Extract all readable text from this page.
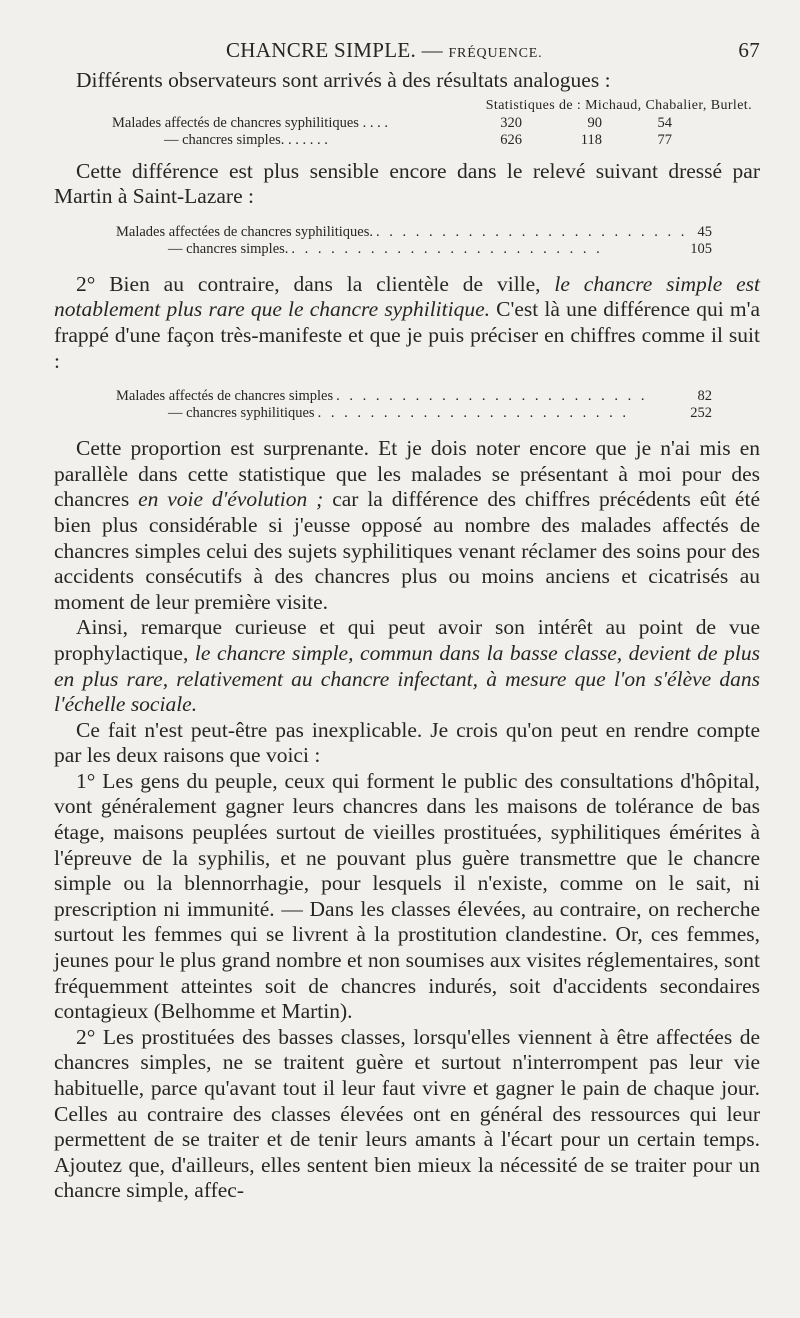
CHANCRE SIMPLE. — FRÉQUENCE.	67

Différents observateurs sont arrivés à des résultats analogues :

Statistiques de : Michaud, Chabalier, Burlet.
Malades affectés de chancres syphilitiques . . . .	320	90	54
— chancres simples. . . . . . .	626	118	77

Cette différence est plus sensible encore dans le relevé suivant dressé par Martin à Saint-Lazare :

Malades affectées de chancres syphilitiques. . . . . . . . . . . . . . . . . . . . . . . . . 45
— chancres simples. . . . . . . . . . . . . . . . . . . . . . . . .	105

2° Bien au contraire, dans la clientèle de ville, le chancre simple est notablement plus rare que le chancre syphilitique. C'est là une différence qui m'a frappé d'une façon très-manifeste et que je puis préciser en chiffres comme il suit :

Malades affectés de chancres simples . . . . . . . . . . . . . . . . . . . . . . . .	82
— chancres syphilitiques . . . . . . . . . . . . . . . . . . . . . . . .	252

Cette proportion est surprenante. Et je dois noter encore que je n'ai mis en parallèle dans cette statistique que les malades se présentant à moi pour des chancres en voie d'évolution ; car la différence des chiffres précédents eût été bien plus considérable si j'eusse opposé au nombre des malades affectés de chancres simples celui des sujets syphilitiques venant réclamer des soins pour des accidents consécutifs à des chancres plus ou moins anciens et cicatrisés au moment de leur première visite.

Ainsi, remarque curieuse et qui peut avoir son intérêt au point de vue prophylactique, le chancre simple, commun dans la basse classe, devient de plus en plus rare, relativement au chancre infectant, à mesure que l'on s'élève dans l'échelle sociale.

Ce fait n'est peut-être pas inexplicable. Je crois qu'on peut en rendre compte par les deux raisons que voici :

1° Les gens du peuple, ceux qui forment le public des consultations d'hôpital, vont généralement gagner leurs chancres dans les maisons de tolérance de bas étage, maisons peuplées surtout de vieilles prostituées, syphilitiques émérites à l'épreuve de la syphilis, et ne pouvant plus guère transmettre que le chancre simple ou la blennorrhagie, pour lesquels il n'existe, comme on le sait, ni prescription ni immunité. — Dans les classes élevées, au contraire, on recherche surtout les femmes qui se livrent à la prostitution clandestine. Or, ces femmes, jeunes pour le plus grand nombre et non soumises aux visites réglementaires, sont fréquemment atteintes soit de chancres indurés, soit d'accidents secondaires contagieux (Belhomme et Martin).

2° Les prostituées des basses classes, lorsqu'elles viennent à être affectées de chancres simples, ne se traitent guère et surtout n'interrompent pas leur vie habituelle, parce qu'avant tout il leur faut vivre et gagner le pain de chaque jour. Celles au contraire des classes élevées ont en général des ressources qui leur permettent de se traiter et de tenir leurs amants à l'écart pour un certain temps. Ajoutez que, d'ailleurs, elles sentent bien mieux la nécessité de se traiter pour un chancre simple, affec-
